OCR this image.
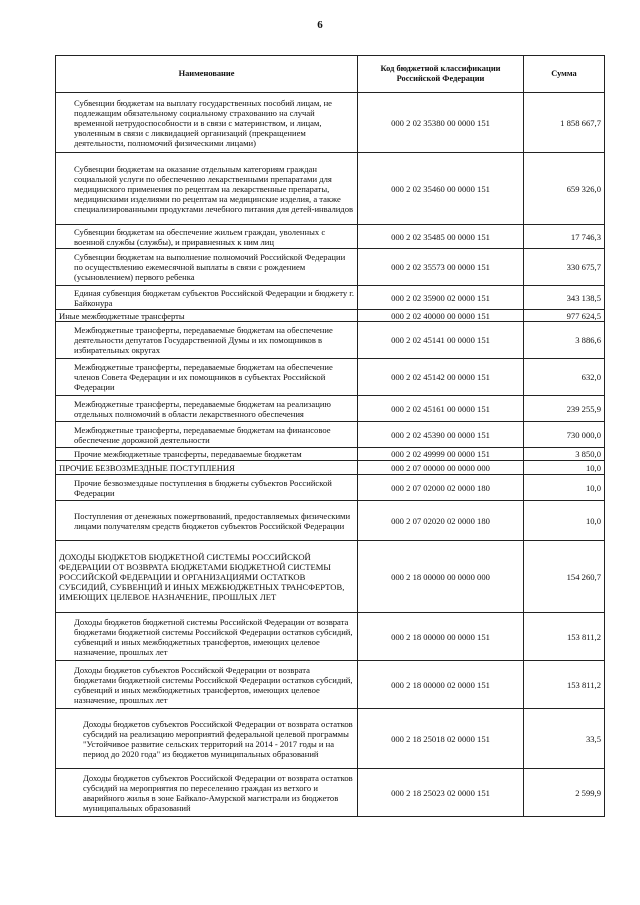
6
Наименование	Код бюджетной классификации Российской Федерации	Сумма
Субвенции бюджетам на выплату государственных пособий лицам, не подлежащим обязательному социальному страхованию на случай временной нетрудоспособности и в связи с материнством, и лицам, уволенным в связи с ликвидацией организаций (прекращением деятельности, полномочий физическими лицами)	000 2 02 35380 00 0000 151	1 858 667,7
Субвенции бюджетам на оказание отдельным категориям граждан социальной услуги по обеспечению лекарственными препаратами для медицинского применения по рецептам на лекарственные препараты, медицинскими изделиями по рецептам на медицинские изделия, а также специализированными продуктами лечебного питания для детей-инвалидов	000 2 02 35460 00 0000 151	659 326,0
Субвенции бюджетам на обеспечение жильем граждан, уволенных с военной службы (службы), и приравненных к ним лиц	000 2 02 35485 00 0000 151	17 746,3
Субвенции бюджетам на выполнение полномочий Российской Федерации по осуществлению ежемесячной выплаты в связи с рождением (усыновлением) первого ребенка	000 2 02 35573 00 0000 151	330 675,7
Единая субвенция бюджетам субъектов Российской Федерации и бюджету г. Байконура	000 2 02 35900 02 0000 151	343 138,5
Иные межбюджетные трансферты	000 2 02 40000 00 0000 151	977 624,5
Межбюджетные трансферты, передаваемые бюджетам на обеспечение деятельности депутатов Государственной Думы и их помощников в избирательных округах	000 2 02 45141 00 0000 151	3 886,6
Межбюджетные трансферты, передаваемые бюджетам на обеспечение членов Совета Федерации и их помощников в субъектах Российской Федерации	000 2 02 45142 00 0000 151	632,0
Межбюджетные трансферты, передаваемые бюджетам на реализацию отдельных полномочий в области лекарственного обеспечения	000 2 02 45161 00 0000 151	239 255,9
Межбюджетные трансферты, передаваемые бюджетам на финансовое обеспечение дорожной деятельности	000 2 02 45390 00 0000 151	730 000,0
Прочие межбюджетные трансферты, передаваемые бюджетам	000 2 02 49999 00 0000 151	3 850,0
ПРОЧИЕ БЕЗВОЗМЕЗДНЫЕ ПОСТУПЛЕНИЯ	000 2 07 00000 00 0000 000	10,0
Прочие безвозмездные поступления в бюджеты субъектов Российской Федерации	000 2 07 02000 02 0000 180	10,0
Поступления от денежных пожертвований, предоставляемых физическими лицами получателям средств бюджетов субъектов Российской Федерации	000 2 07 02020 02 0000 180	10,0
ДОХОДЫ БЮДЖЕТОВ БЮДЖЕТНОЙ СИСТЕМЫ РОССИЙСКОЙ ФЕДЕРАЦИИ ОТ ВОЗВРАТА БЮДЖЕТАМИ БЮДЖЕТНОЙ СИСТЕМЫ РОССИЙСКОЙ ФЕДЕРАЦИИ И ОРГАНИЗАЦИЯМИ ОСТАТКОВ СУБСИДИЙ, СУБВЕНЦИЙ И ИНЫХ МЕЖБЮДЖЕТНЫХ ТРАНСФЕРТОВ, ИМЕЮЩИХ ЦЕЛЕВОЕ НАЗНАЧЕНИЕ, ПРОШЛЫХ ЛЕТ	000 2 18 00000 00 0000 000	154 260,7
Доходы бюджетов бюджетной системы Российской Федерации от возврата бюджетами бюджетной системы Российской Федерации остатков субсидий, субвенций и иных межбюджетных трансфертов, имеющих целевое назначение, прошлых лет	000 2 18 00000 00 0000 151	153 811,2
Доходы бюджетов субъектов Российской Федерации от возврата бюджетами бюджетной системы Российской Федерации остатков субсидий, субвенций и иных межбюджетных трансфертов, имеющих целевое назначение, прошлых лет	000 2 18 00000 02 0000 151	153 811,2
Доходы бюджетов субъектов Российской Федерации от возврата остатков субсидий на реализацию мероприятий федеральной целевой программы "Устойчивое развитие сельских территорий на 2014 - 2017 годы и на период до 2020 года" из бюджетов муниципальных образований	000 2 18 25018 02 0000 151	33,5
Доходы бюджетов субъектов Российской Федерации от возврата остатков субсидий на мероприятия по переселению граждан из ветхого и аварийного жилья в зоне Байкало-Амурской магистрали из бюджетов муниципальных образований	000 2 18 25023 02 0000 151	2 599,9
